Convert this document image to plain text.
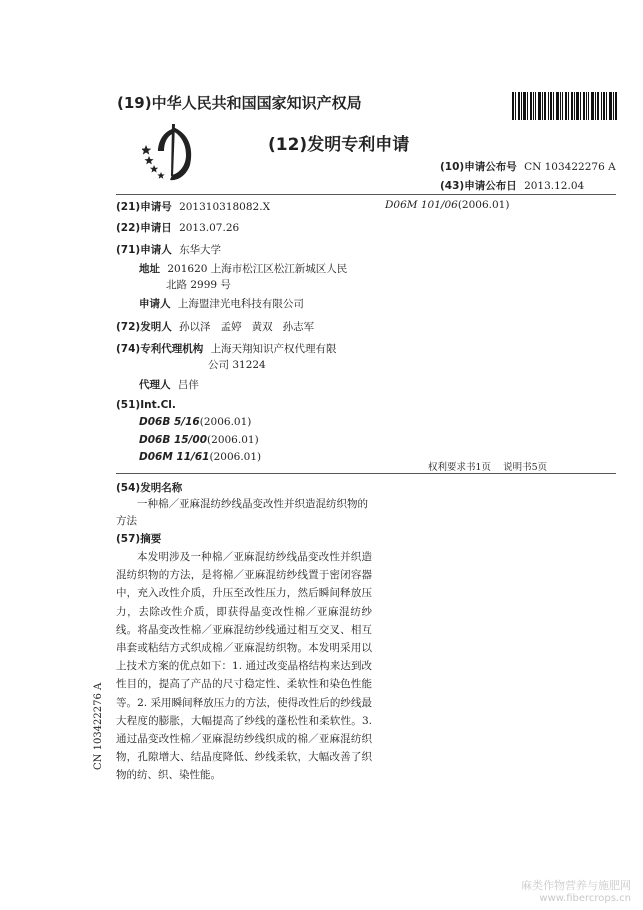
(19)中华人民共和国国家知识产权局
(12)发明专利申请
(10)申请公布号 CN 103422276 A
(43)申请公布日 2013.12.04
(21)申请号 201310318082.X
(22)申请日 2013.07.26
(71)申请人 东华大学
地址 201620 上海市松江区松江新城区人民
北路 2999 号
申请人 上海盟津光电科技有限公司
(72)发明人 孙以泽   孟婷   黄双   孙志军
(74)专利代理机构 上海天翔知识产权代理有限
公司 31224
代理人 吕伴
(51)Int.Cl.
D06B 5/16(2006.01)
D06B 15/00(2006.01)
D06M 11/61(2006.01)
D06M 101/06(2006.01)
权利要求书1页    说明书5页
(54)发明名称
一种棉／亚麻混纺纱线晶变改性并织造混纺织物的方法
(57)摘要
本发明涉及一种棉／亚麻混纺纱线晶变改性并织造混纺织物的方法，是将棉／亚麻混纺纱线置于密闭容器中，充入改性介质，升压至改性压力，然后瞬间释放压力，去除改性介质，即获得晶变改性棉／亚麻混纺纱线。将晶变改性棉／亚麻混纺纱线通过相互交叉、相互串套或粘结方式织成棉／亚麻混纺织物。本发明采用以上技术方案的优点如下：1. 通过改变晶格结构来达到改性目的，提高了产品的尺寸稳定性、柔软性和染色性能等。2. 采用瞬间释放压力的方法，使得改性后的纱线最大程度的膨胀，大幅提高了纱线的蓬松性和柔软性。3. 通过晶变改性棉／亚麻混纺纱线织成的棉／亚麻混纺织物，孔隙增大、结晶度降低、纱线柔软，大幅改善了织物的纺、织、染性能。
CN 103422276 A
麻类作物营养与施肥网
www.fibercrops.cn
